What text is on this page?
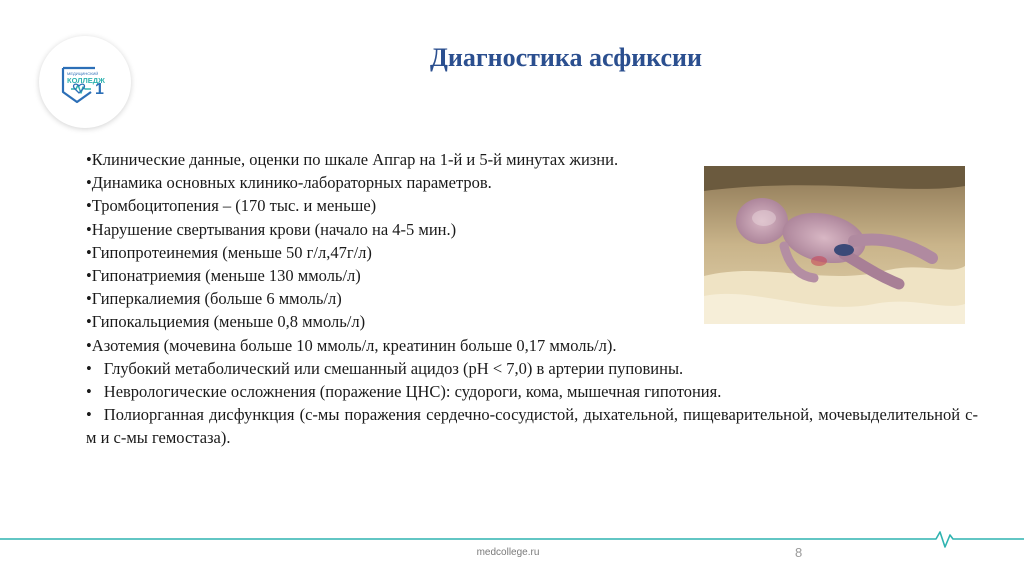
МЕДИЦИНСКИЙ
КОЛЛЕДЖ
1
Диагностика асфиксии
•Клинические данные, оценки по шкале Апгар на 1-й и 5-й минутах жизни.
•Динамика основных клинико-лабораторных параметров.
•Тромбоцитопения – (170 тыс. и меньше)
•Нарушение свертывания крови (начало на 4-5 мин.)
•Гипопротеинемия (меньше 50 г/л,47г/л)
•Гипонатриемия (меньше 130 ммоль/л)
•Гиперкалиемия (больше 6 ммоль/л)
•Гипокальциемия (меньше 0,8 ммоль/л)
•Азотемия (мочевина больше 10 ммоль/л, креатинин больше 0,17 ммоль/л).
• Глубокий метаболический или смешанный ацидоз (pH < 7,0) в артерии пуповины.
• Неврологические осложнения (поражение ЦНС): судороги, кома, мышечная гипотония.
• Полиорганная дисфункция (с-мы поражения сердечно-сосудистой, дыхательной, пищеварительной, мочевыделительной с-м и с-мы гемостаза).
medcollege.ru	8
